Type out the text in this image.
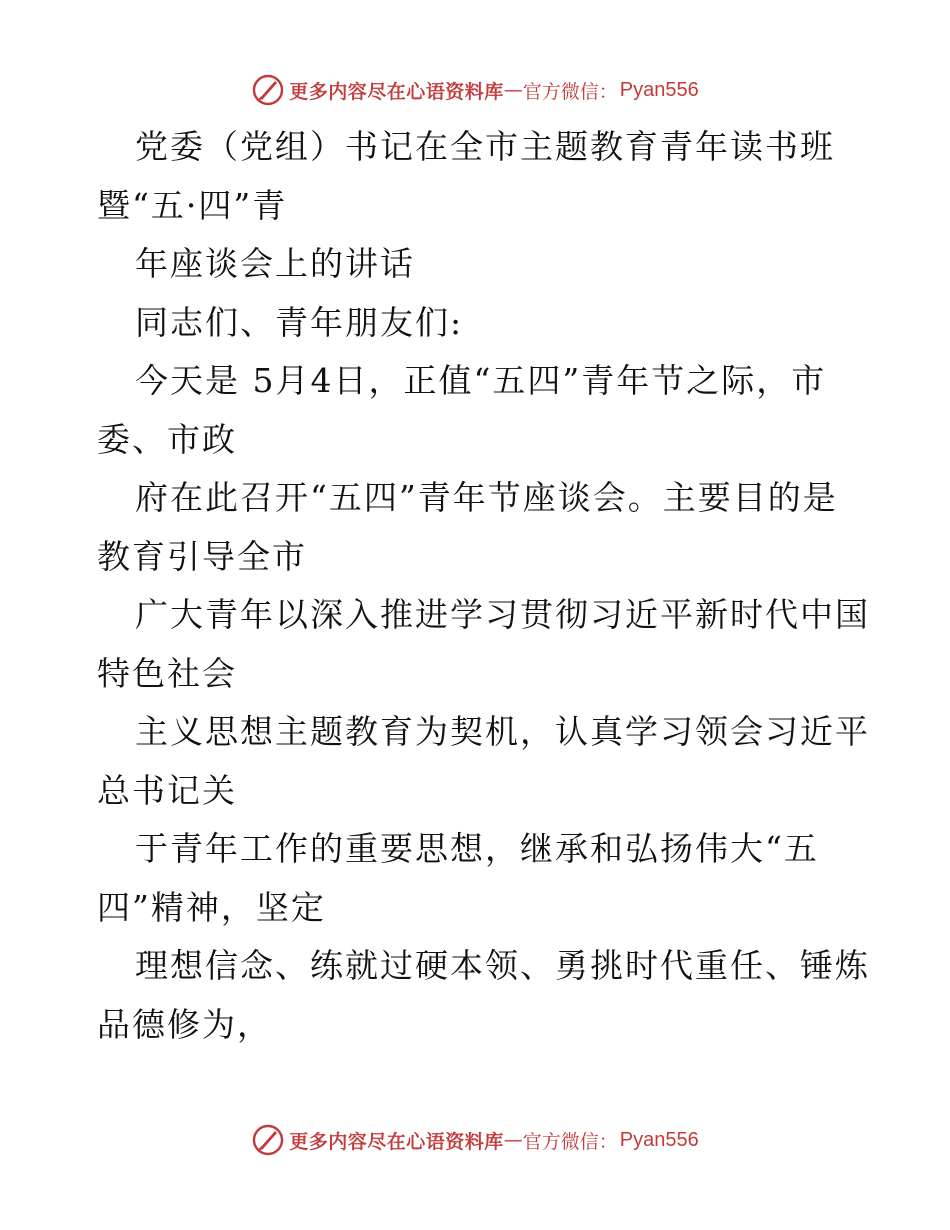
更多内容尽在心语资料库 — 官方微信： Pyan556
党委（党组）书记在全市主题教育青年读书班
暨“五·四”青
年座谈会上的讲话
同志们、青年朋友们:
今天是 5月4日，正值“五四”青年节之际，市
委、市政
府在此召开“五四”青年节座谈会。主要目的是
教育引导全市
广大青年以深入推进学习贯彻习近平新时代中国
特色社会
主义思想主题教育为契机，认真学习领会习近平
总书记关
于青年工作的重要思想，继承和弘扬伟大“五
四”精神，坚定
理想信念、练就过硬本领、勇挑时代重任、锤炼
品德修为，
更多内容尽在心语资料库 — 官方微信： Pyan556
